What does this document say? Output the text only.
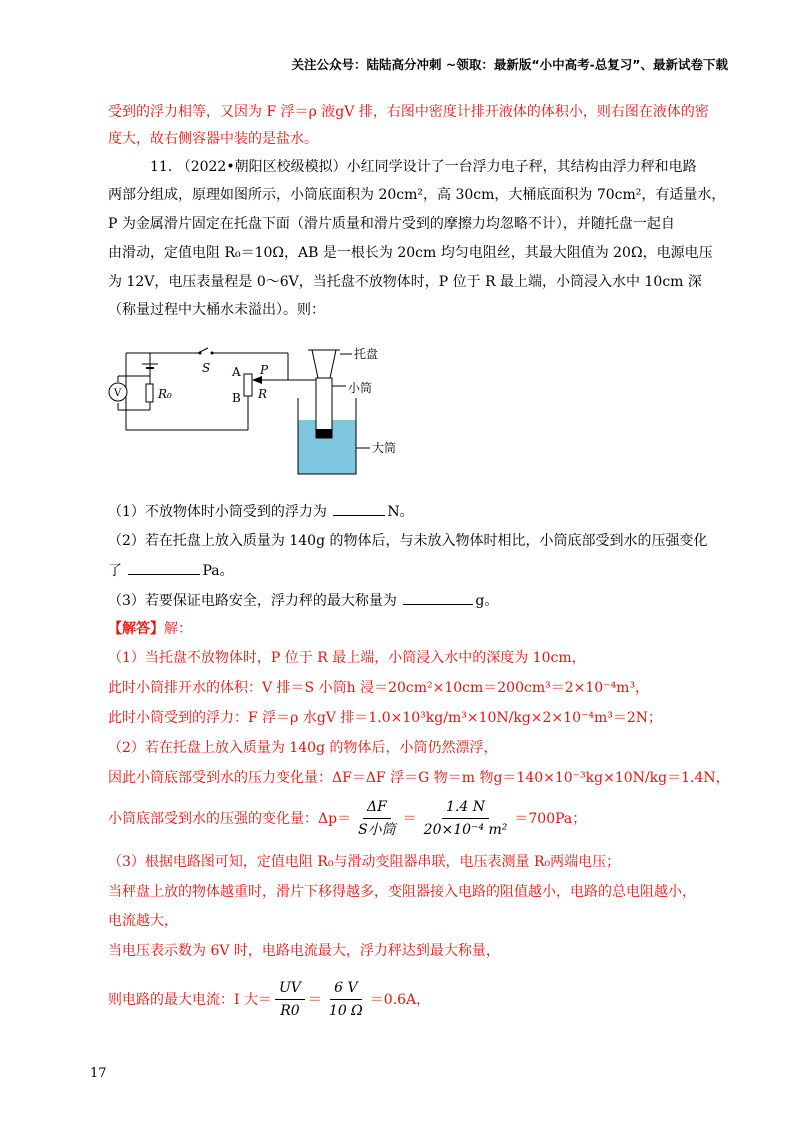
关注公众号：陆陆高分冲刺 ~领取：最新版“小中高考-总复习”、最新试卷下载
受到的浮力相等，又因为 F 浮＝ρ 液gV 排，右图中密度计排开液体的体积小，则右图在液体的密
度大，故右侧容器中装的是盐水。
11. （2022•朝阳区校级模拟）小红同学设计了一台浮力电子秤，其结构由浮力秤和电路
两部分组成，原理如图所示，小筒底面积为 20cm²，高 30cm，大桶底面积为 70cm²，有适量水，
P 为金属滑片固定在托盘下面（滑片质量和滑片受到的摩擦力均忽略不计），并随托盘一起自
由滑动，定值电阻 R₀＝10Ω，AB 是一根长为 20cm 均匀电阻丝，其最大阻值为 20Ω，电源电压
为 12V，电压表量程是 0～6V，当托盘不放物体时，P 位于 R 最上端，小筒浸入水中 10cm 深
（称量过程中大桶水未溢出）。则：
V	R₀
S A
B R
P
托盘
小筒
大筒
（1）不放物体时小筒受到的浮力为	N。
（2）若在托盘上放入质量为 140g 的物体后，与未放入物体时相比，小筒底部受到水的压强变化
了	Pa。
（3）若要保证电路安全，浮力秤的最大称量为	g。
【解答】解：
（1）当托盘不放物体时，P 位于 R 最上端，小筒浸入水中的深度为 10cm，
此时小筒排开水的体积：V 排＝S 小筒h 浸＝20cm²×10cm＝200cm³＝2×10⁻⁴m³，
此时小筒受到的浮力：F 浮＝ρ 水gV 排＝1.0×10³kg/m³×10N/kg×2×10⁻⁴m³＝2N；
（2）若在托盘上放入质量为 140g 的物体后，小筒仍然漂浮，
因此小筒底部受到水的压力变化量：ΔF＝ΔF 浮＝G 物＝m 物g＝140×10⁻³kg×10N/kg＝1.4N，
小筒底部受到水的压强的变化量：$\Delta p= \frac{\Delta F}{\text{S小筒}} = \frac{1.4 N}{\text{20×10⁻⁴ m²}} =700Pa$；
（3）根据电路图可知，定值电阻 R₀与滑动变阻器串联，电压表测量 R₀两端电压；
当秤盘上放的物体越重时，滑片下移得越多，变阻器接入电路的阻值越小，电路的总电阻越小，
电流越大，
当电压表示数为 6V 时，电路电流最大，浮力秤达到最大称量，
则电路的最大电流：I 大＝ $\frac{UV}{R0} = \frac{6 V}{10 \Omega} =0.6A$，
17
